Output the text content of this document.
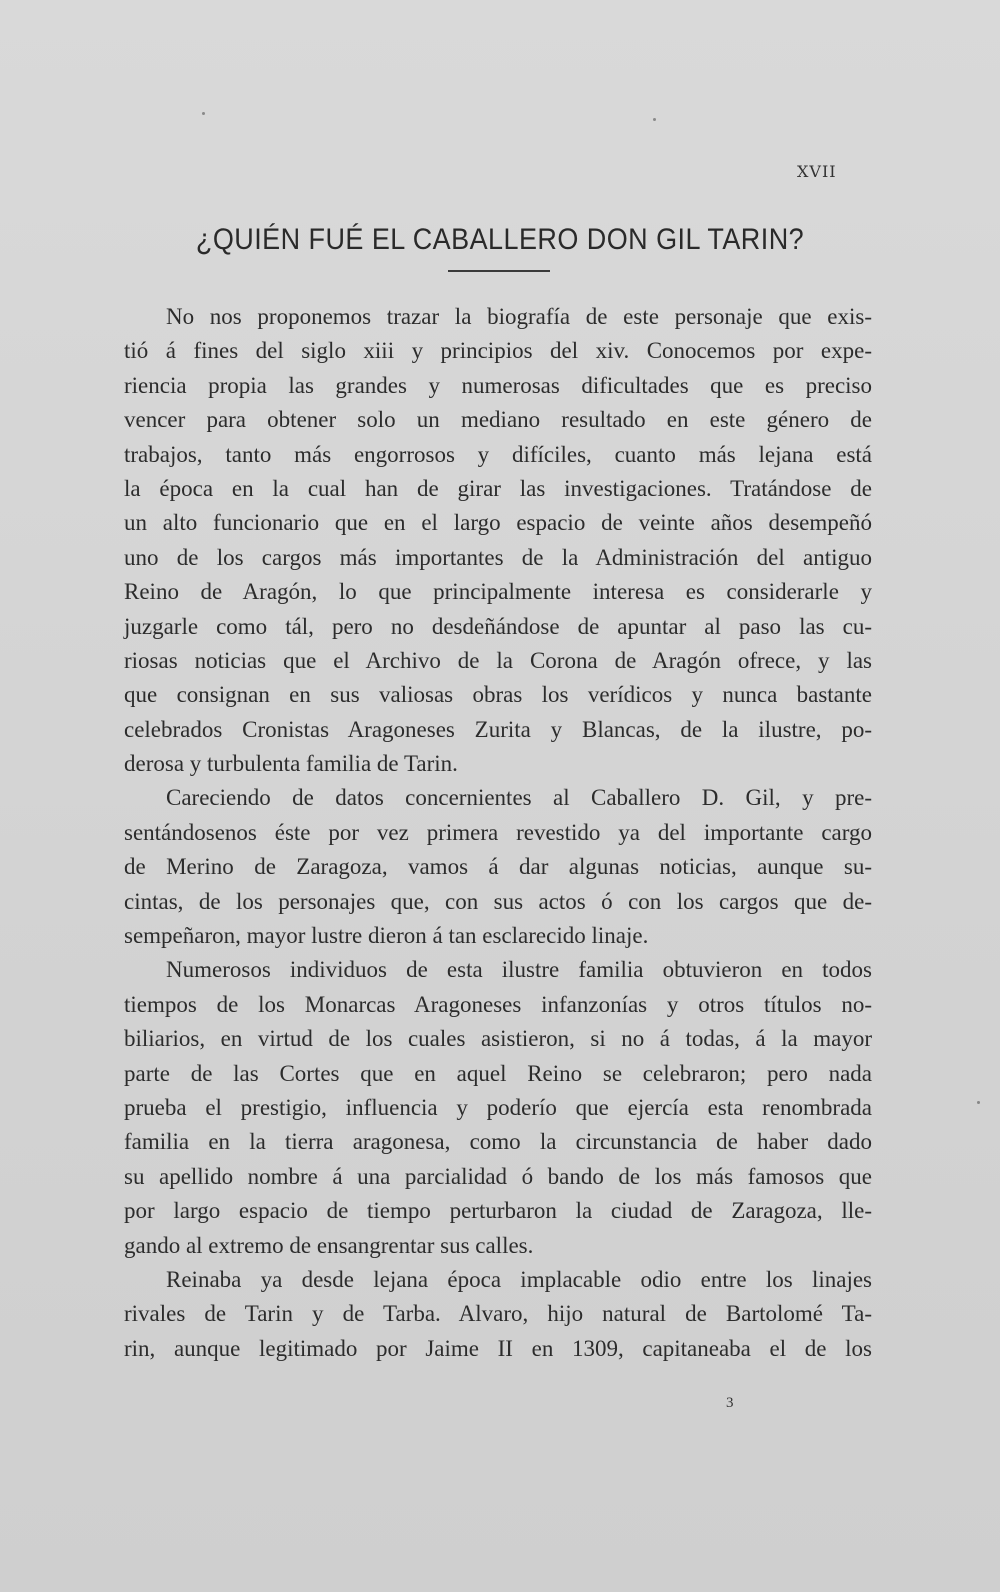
XVII
¿QUIÉN FUÉ EL CABALLERO DON GIL TARIN?
No nos proponemos trazar la biografía de este personaje que exis-
tió á fines del siglo xiii y principios del xiv. Conocemos por expe-
riencia propia las grandes y numerosas dificultades que es preciso
vencer para obtener solo un mediano resultado en este género de
trabajos, tanto más engorrosos y difíciles, cuanto más lejana está
la época en la cual han de girar las investigaciones. Tratándose de
un alto funcionario que en el largo espacio de veinte años desempeñó
uno de los cargos más importantes de la Administración del antiguo
Reino de Aragón, lo que principalmente interesa es considerarle y
juzgarle como tál, pero no desdeñándose de apuntar al paso las cu-
riosas noticias que el Archivo de la Corona de Aragón ofrece, y las
que consignan en sus valiosas obras los verídicos y nunca bastante
celebrados Cronistas Aragoneses Zurita y Blancas, de la ilustre, po-
derosa y turbulenta familia de Tarin.
Careciendo de datos concernientes al Caballero D. Gil, y pre-
sentándosenos éste por vez primera revestido ya del importante cargo
de Merino de Zaragoza, vamos á dar algunas noticias, aunque su-
cintas, de los personajes que, con sus actos ó con los cargos que de-
sempeñaron, mayor lustre dieron á tan esclarecido linaje.
Numerosos individuos de esta ilustre familia obtuvieron en todos
tiempos de los Monarcas Aragoneses infanzonías y otros títulos no-
biliarios, en virtud de los cuales asistieron, si no á todas, á la mayor
parte de las Cortes que en aquel Reino se celebraron; pero nada
prueba el prestigio, influencia y poderío que ejercía esta renombrada
familia en la tierra aragonesa, como la circunstancia de haber dado
su apellido nombre á una parcialidad ó bando de los más famosos que
por largo espacio de tiempo perturbaron la ciudad de Zaragoza, lle-
gando al extremo de ensangrentar sus calles.
Reinaba ya desde lejana época implacable odio entre los linajes
rivales de Tarin y de Tarba. Alvaro, hijo natural de Bartolomé Ta-
rin, aunque legitimado por Jaime II en 1309, capitaneaba el de los
3
